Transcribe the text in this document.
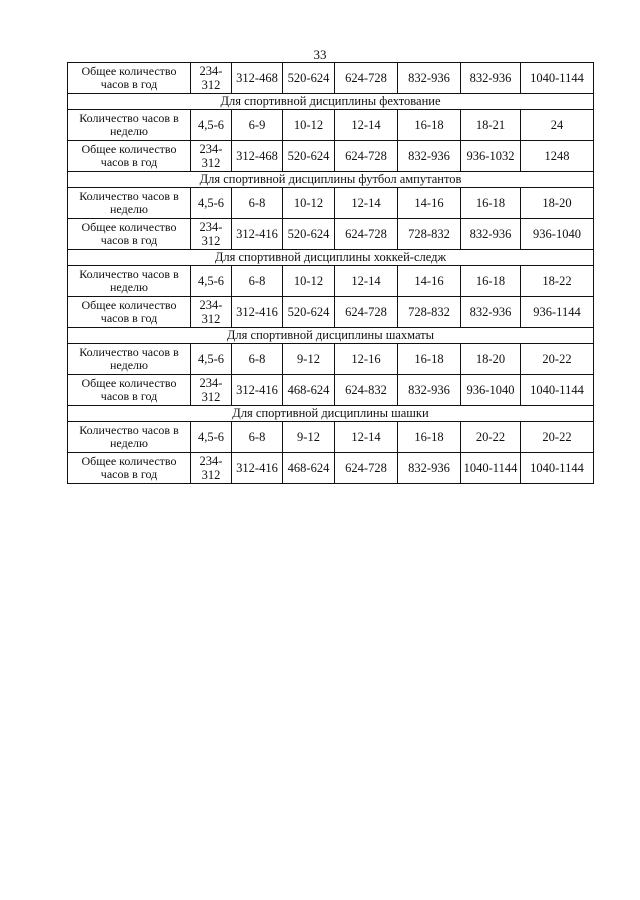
33
Общее количество часов в год	234-312	312-468	520-624	624-728	832-936	832-936	1040-1144
Для спортивной дисциплины фехтование							
Количество часов в неделю	4,5-6	6-9	10-12	12-14	16-18	18-21	24
Общее количество часов в год	234-312	312-468	520-624	624-728	832-936	936-1032	1248
Для спортивной дисциплины футбол ампутантов							
Количество часов в неделю	4,5-6	6-8	10-12	12-14	14-16	16-18	18-20
Общее количество часов в год	234-312	312-416	520-624	624-728	728-832	832-936	936-1040
Для спортивной дисциплины хоккей-следж							
Количество часов в неделю	4,5-6	6-8	10-12	12-14	14-16	16-18	18-22
Общее количество часов в год	234-312	312-416	520-624	624-728	728-832	832-936	936-1144
Для спортивной дисциплины шахматы							
Количество часов в неделю	4,5-6	6-8	9-12	12-16	16-18	18-20	20-22
Общее количество часов в год	234-312	312-416	468-624	624-832	832-936	936-1040	1040-1144
Для спортивной дисциплины шашки							
Количество часов в неделю	4,5-6	6-8	9-12	12-14	16-18	20-22	20-22
Общее количество часов в год	234-312	312-416	468-624	624-728	832-936	1040-1144	1040-1144
